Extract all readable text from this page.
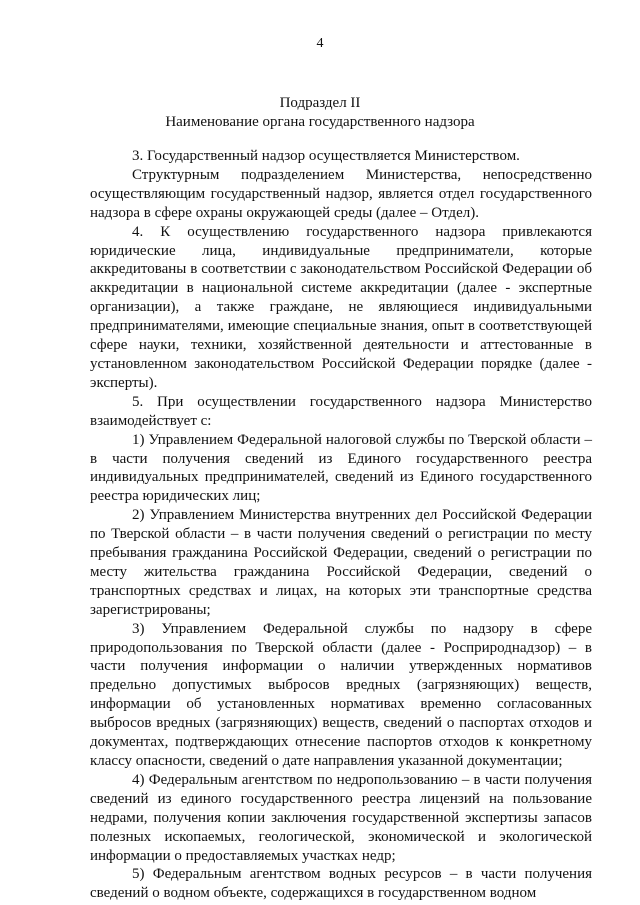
4
Подраздел II
Наименование органа государственного надзора

3. Государственный надзор осуществляется Министерством.

Структурным подразделением Министерства, непосредственно осуществляющим государственный надзор, является отдел государственного надзора в сфере охраны окружающей среды (далее – Отдел).

4. К осуществлению государственного надзора привлекаются юридические лица, индивидуальные предприниматели, которые аккредитованы в соответствии с законодательством Российской Федерации об аккредитации в национальной системе аккредитации (далее - экспертные организации), а также граждане, не являющиеся индивидуальными предпринимателями, имеющие специальные знания, опыт в соответствующей сфере науки, техники, хозяйственной деятельности и аттестованные в установленном законодательством Российской Федерации порядке (далее - эксперты).

5. При осуществлении государственного надзора Министерство взаимодействует с:

1) Управлением Федеральной налоговой службы по Тверской области – в части получения сведений из Единого государственного реестра индивидуальных предпринимателей, сведений из Единого государственного реестра юридических лиц;

2) Управлением Министерства внутренних дел Российской Федерации по Тверской области – в части получения сведений о регистрации по месту пребывания гражданина Российской Федерации, сведений о регистрации по месту жительства гражданина Российской Федерации, сведений о транспортных средствах и лицах, на которых эти транспортные средства зарегистрированы;

3) Управлением Федеральной службы по надзору в сфере природопользования по Тверской области (далее - Росприроднадзор) – в части получения информации о наличии утвержденных нормативов предельно допустимых выбросов вредных (загрязняющих) веществ, информации об установленных нормативах временно согласованных выбросов вредных (загрязняющих) веществ, сведений о паспортах отходов и документах, подтверждающих отнесение паспортов отходов к конкретному классу опасности, сведений о дате направления указанной документации;

4) Федеральным агентством по недропользованию – в части получения сведений из единого государственного реестра лицензий на пользование недрами, получения копии заключения государственной экспертизы запасов полезных ископаемых, геологической, экономической и экологической информации о предоставляемых участках недр;

5) Федеральным агентством водных ресурсов – в части получения сведений о водном объекте, содержащихся в государственном водном
